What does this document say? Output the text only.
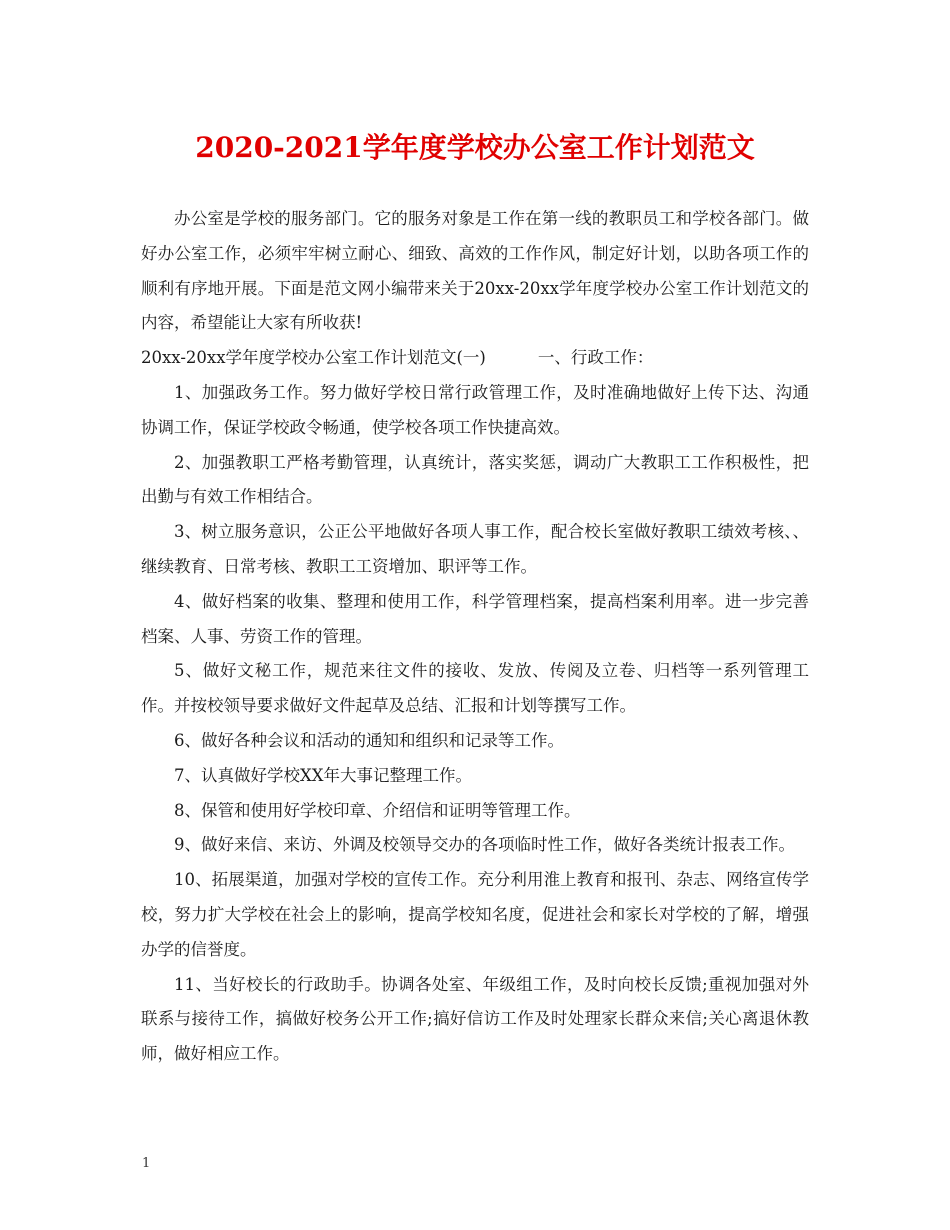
2020-2021学年度学校办公室工作计划范文

办公室是学校的服务部门。它的服务对象是工作在第一线的教职员工和学校各部门。做好办公室工作，必须牢牢树立耐心、细致、高效的工作作风，制定好计划，以助各项工作的顺利有序地开展。下面是范文网小编带来关于20xx-20xx学年度学校办公室工作计划范文的内容，希望能让大家有所收获!

20xx-20xx学年度学校办公室工作计划范文(一)	一、行政工作：

1、加强政务工作。努力做好学校日常行政管理工作，及时准确地做好上传下达、沟通协调工作，保证学校政令畅通，使学校各项工作快捷高效。

2、加强教职工严格考勤管理，认真统计，落实奖惩，调动广大教职工工作积极性，把出勤与有效工作相结合。

3、树立服务意识，公正公平地做好各项人事工作，配合校长室做好教职工绩效考核、、继续教育、日常考核、教职工工资增加、职评等工作。

4、做好档案的收集、整理和使用工作，科学管理档案，提高档案利用率。进一步完善档案、人事、劳资工作的管理。

5、做好文秘工作，规范来往文件的接收、发放、传阅及立卷、归档等一系列管理工作。并按校领导要求做好文件起草及总结、汇报和计划等撰写工作。

6、做好各种会议和活动的通知和组织和记录等工作。

7、认真做好学校XX年大事记整理工作。

8、保管和使用好学校印章、介绍信和证明等管理工作。

9、做好来信、来访、外调及校领导交办的各项临时性工作，做好各类统计报表工作。

10、拓展渠道，加强对学校的宣传工作。充分利用淮上教育和报刊、杂志、网络宣传学校，努力扩大学校在社会上的影响，提高学校知名度，促进社会和家长对学校的了解，增强办学的信誉度。

11、当好校长的行政助手。协调各处室、年级组工作，及时向校长反馈;重视加强对外联系与接待工作，搞做好校务公开工作;搞好信访工作及时处理家长群众来信;关心离退休教师，做好相应工作。

1
